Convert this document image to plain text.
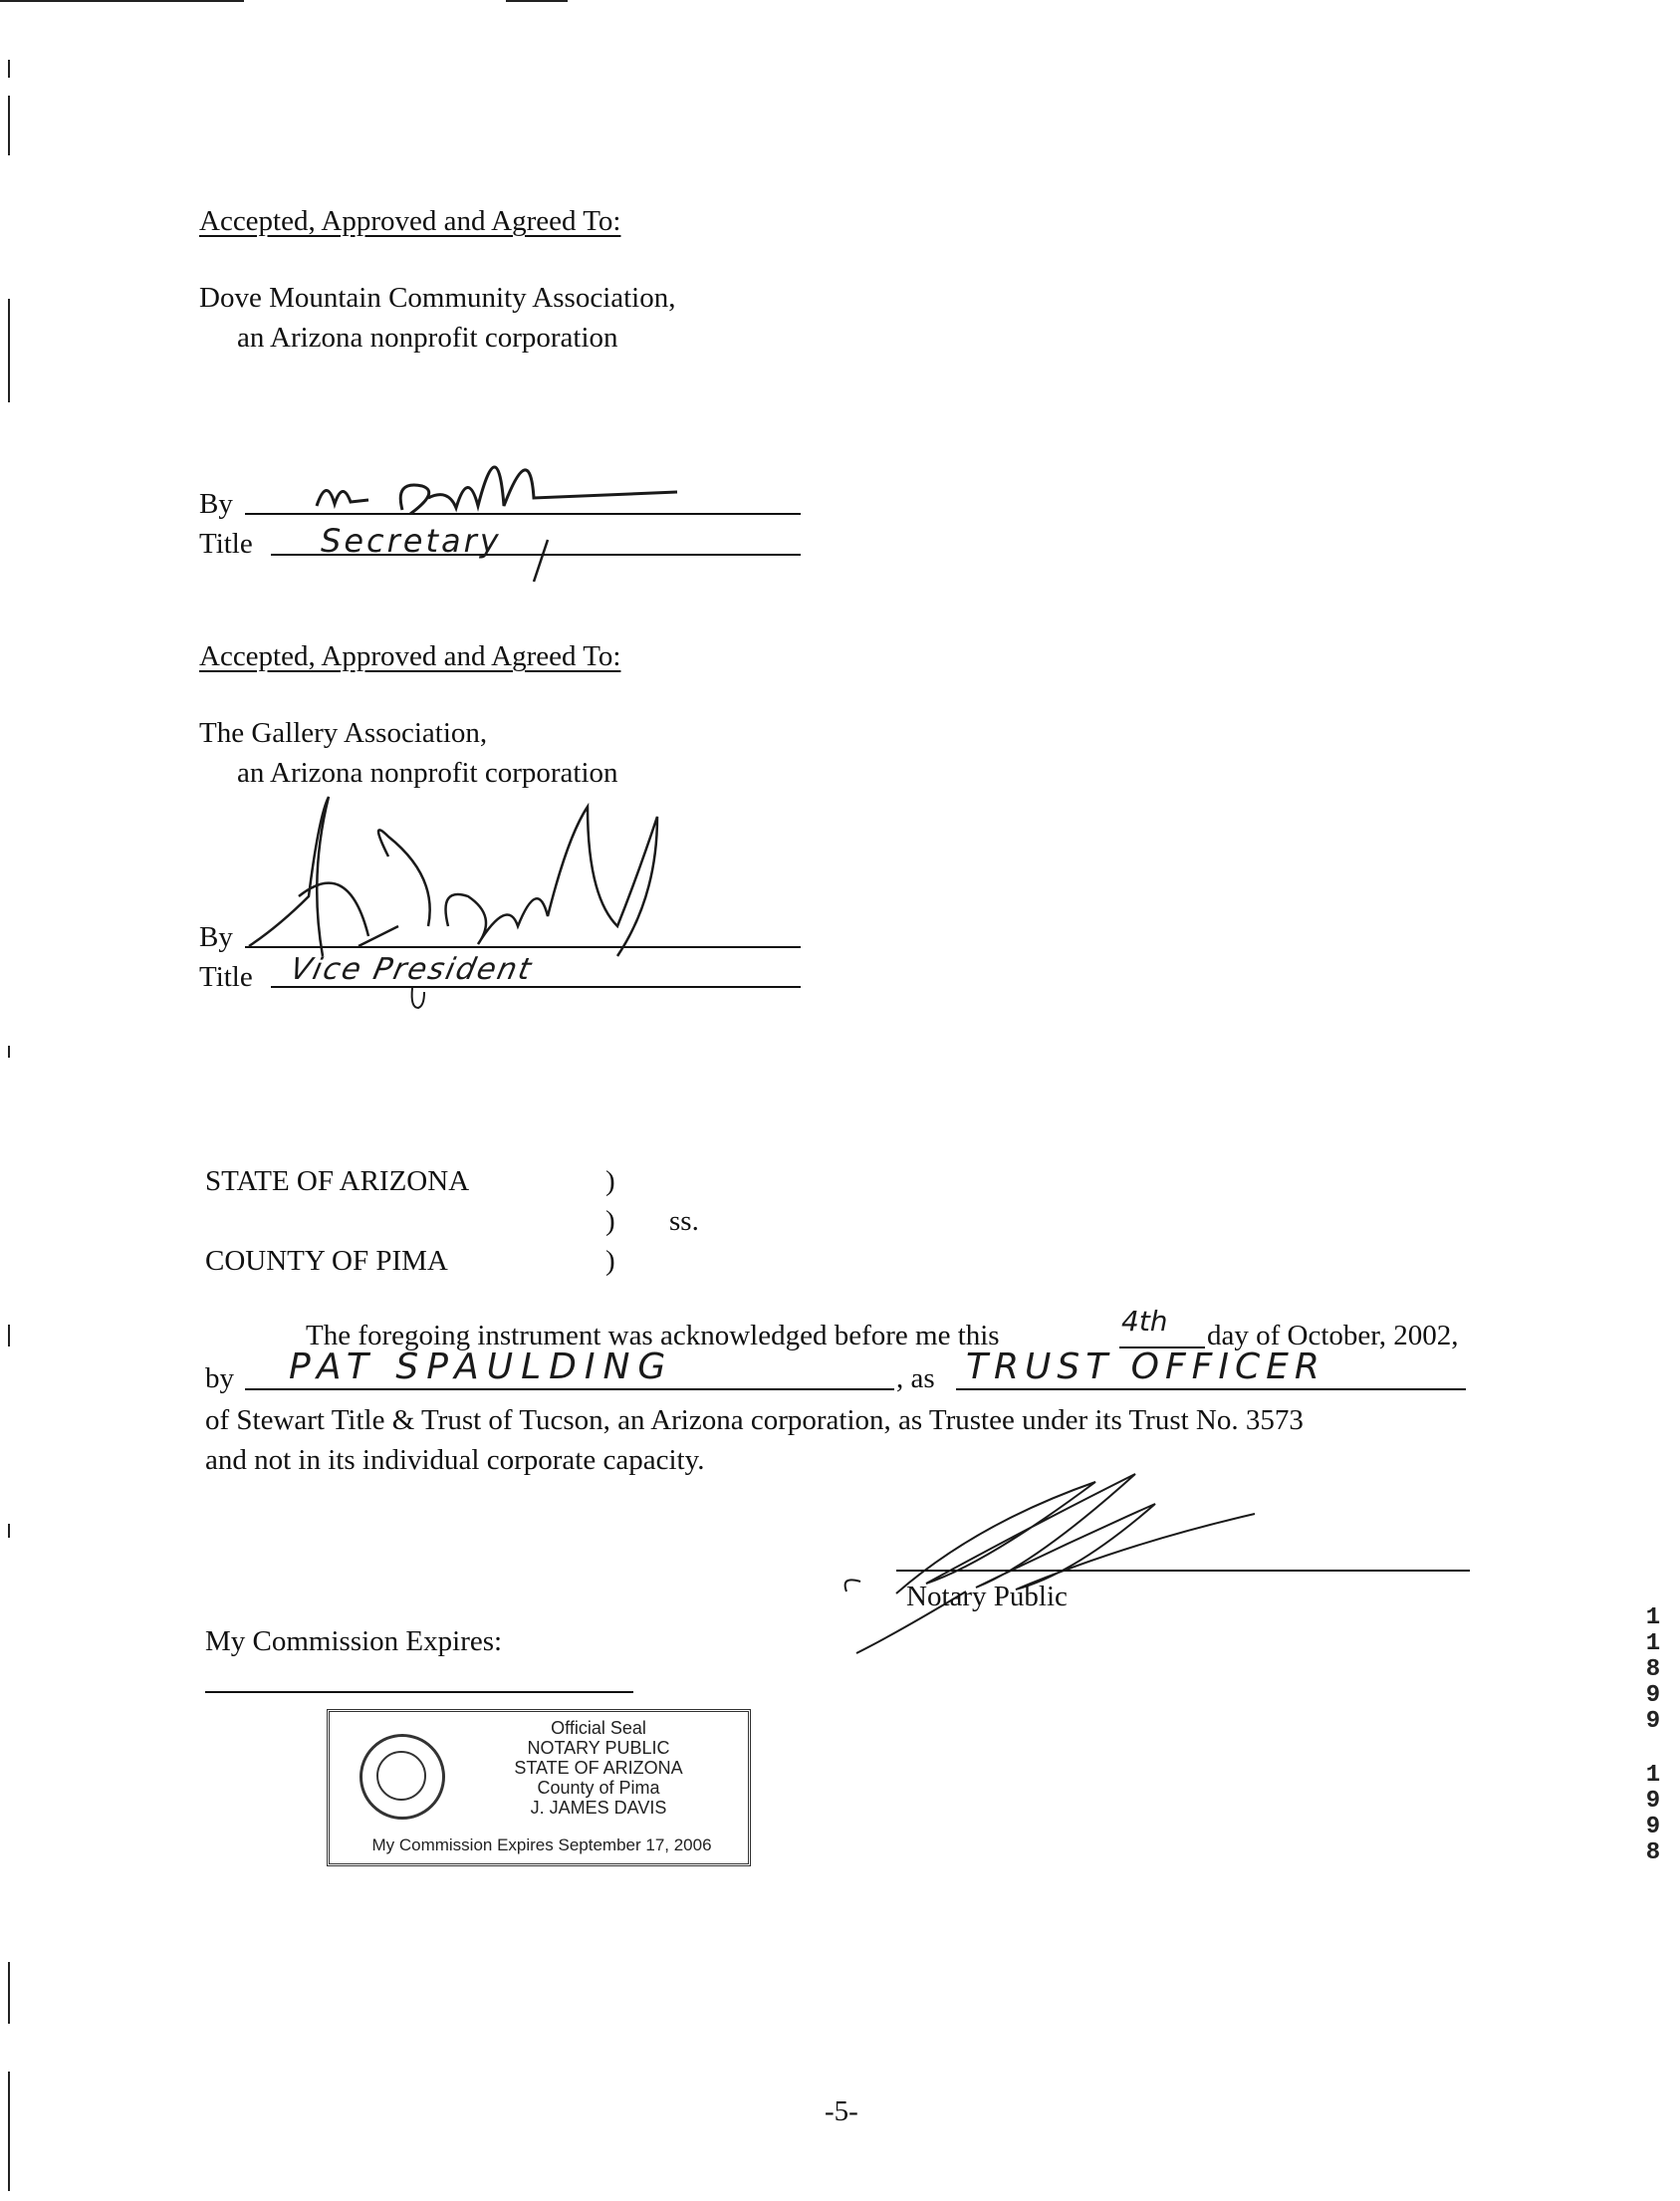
Accepted, Approved and Agreed To:
Dove Mountain Community Association,
an Arizona nonprofit corporation
By
Title Secretary
Accepted, Approved and Agreed To:
The Gallery Association,
an Arizona nonprofit corporation
By
Title Vice President
STATE OF ARIZONA	)
) ss.
COUNTY OF PIMA	)
The foregoing instrument was acknowledged before me this	4th day of October, 2002,
by PAT SPAULDING	, as TRUST OFFICER
of Stewart Title & Trust of Tucson, an Arizona corporation, as Trustee under its Trust No. 3573
and not in its individual corporate capacity.
Notary Public
My Commission Expires:
Official Seal
NOTARY PUBLIC
STATE OF ARIZONA
County of Pima
J. JAMES DAVIS
My Commission Expires September 17, 2006
1
1
8
9
9
1
9
9
8
-5-
